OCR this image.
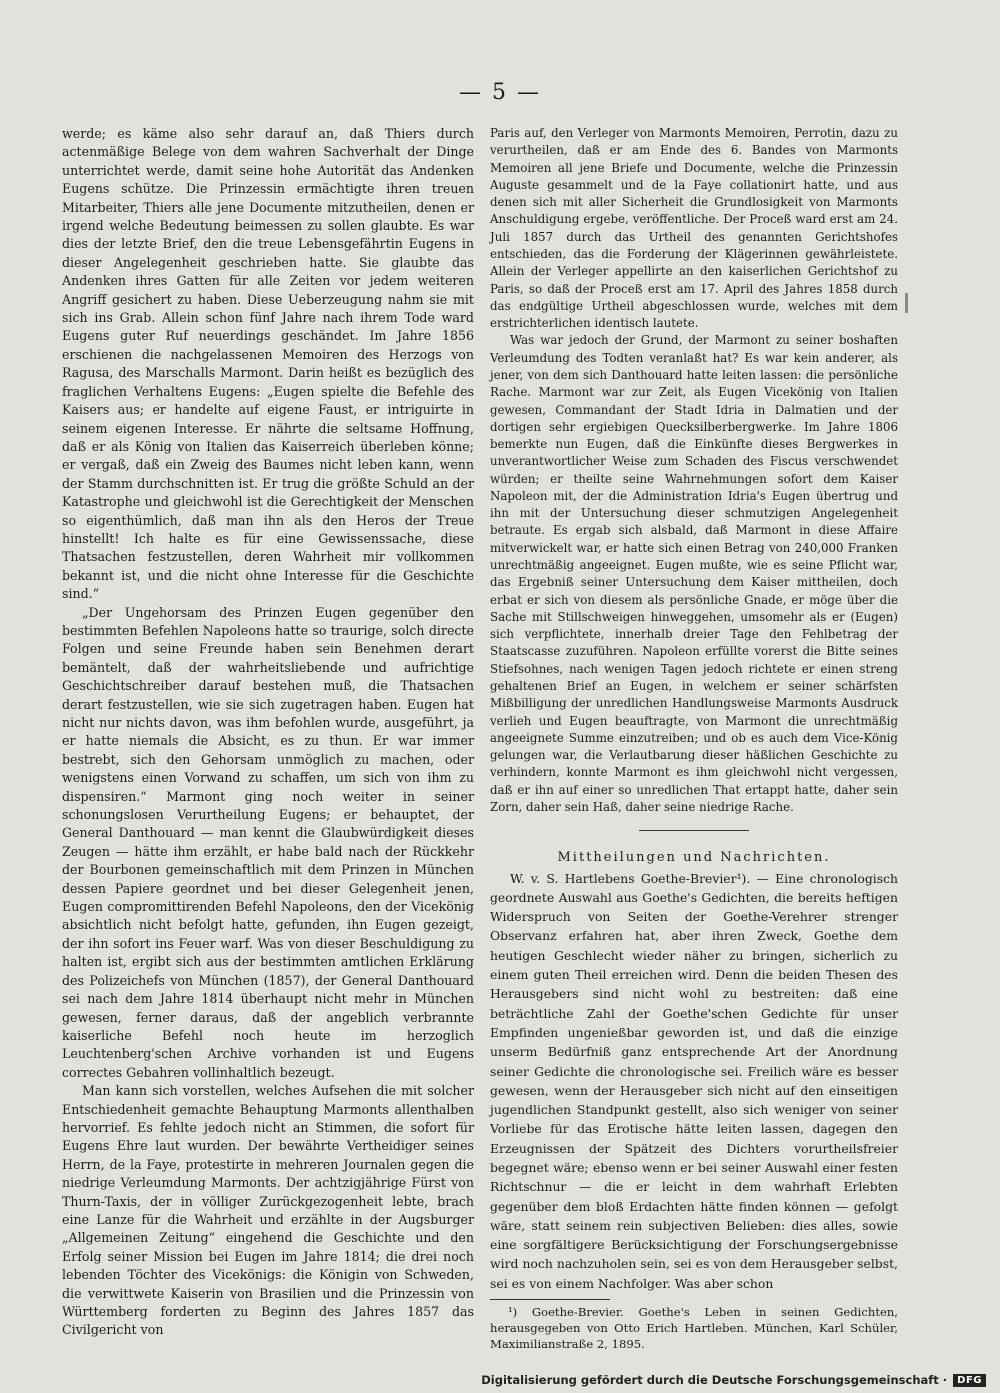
— 5 —

werde; es käme also sehr darauf an, daß Thiers durch actenmäßige Belege von dem wahren Sachverhalt der Dinge unterrichtet werde, damit seine hohe Autorität das Andenken Eugens schütze. Die Prinzessin ermächtigte ihren treuen Mitarbeiter, Thiers alle jene Documente mitzutheilen, denen er irgend welche Bedeutung beimessen zu sollen glaubte. Es war dies der letzte Brief, den die treue Lebensgefährtin Eugens in dieser Angelegenheit geschrieben hatte. Sie glaubte das Andenken ihres Gatten für alle Zeiten vor jedem weiteren Angriff gesichert zu haben. Diese Ueberzeugung nahm sie mit sich ins Grab. Allein schon fünf Jahre nach ihrem Tode ward Eugens guter Ruf neuerdings geschändet. Im Jahre 1856 erschienen die nachgelassenen Memoiren des Herzogs von Ragusa, des Marschalls Marmont. Darin heißt es bezüglich des fraglichen Verhaltens Eugens: „Eugen spielte die Befehle des Kaisers aus; er handelte auf eigene Faust, er intriguirte in seinem eigenen Interesse. Er nährte die seltsame Hoffnung, daß er als König von Italien das Kaiserreich überleben könne; er vergaß, daß ein Zweig des Baumes nicht leben kann, wenn der Stamm durchschnitten ist. Er trug die größte Schuld an der Katastrophe und gleichwohl ist die Gerechtigkeit der Menschen so eigenthümlich, daß man ihn als den Heros der Treue hinstellt! Ich halte es für eine Gewissenssache, diese Thatsachen festzustellen, deren Wahrheit mir vollkommen bekannt ist, und die nicht ohne Interesse für die Geschichte sind.“

„Der Ungehorsam des Prinzen Eugen gegenüber den bestimmten Befehlen Napoleons hatte so traurige, solch directe Folgen und seine Freunde haben sein Benehmen derart bemäntelt, daß der wahrheitsliebende und aufrichtige Geschichtschreiber darauf bestehen muß, die Thatsachen derart festzustellen, wie sie sich zugetragen haben. Eugen hat nicht nur nichts davon, was ihm befohlen wurde, ausgeführt, ja er hatte niemals die Absicht, es zu thun. Er war immer bestrebt, sich den Gehorsam unmöglich zu machen, oder wenigstens einen Vorwand zu schaffen, um sich von ihm zu dispensiren.“ Marmont ging noch weiter in seiner schonungslosen Verurtheilung Eugens; er behauptet, der General Danthouard — man kennt die Glaubwürdigkeit dieses Zeugen — hätte ihm erzählt, er habe bald nach der Rückkehr der Bourbonen gemeinschaftlich mit dem Prinzen in München dessen Papiere geordnet und bei dieser Gelegenheit jenen, Eugen compromittirenden Befehl Napoleons, den der Vicekönig absichtlich nicht befolgt hatte, gefunden, ihn Eugen gezeigt, der ihn sofort ins Feuer warf. Was von dieser Beschuldigung zu halten ist, ergibt sich aus der bestimmten amtlichen Erklärung des Polizeichefs von München (1857), der General Danthouard sei nach dem Jahre 1814 überhaupt nicht mehr in München gewesen, ferner daraus, daß der angeblich verbrannte kaiserliche Befehl noch heute im herzoglich Leuchtenberg'schen Archive vorhanden ist und Eugens correctes Gebahren vollinhaltlich bezeugt.

Man kann sich vorstellen, welches Aufsehen die mit solcher Entschiedenheit gemachte Behauptung Marmonts allenthalben hervorrief. Es fehlte jedoch nicht an Stimmen, die sofort für Eugens Ehre laut wurden. Der bewährte Vertheidiger seines Herrn, de la Faye, protestirte in mehreren Journalen gegen die niedrige Verleumdung Marmonts. Der achtzigjährige Fürst von Thurn-Taxis, der in völliger Zurückgezogenheit lebte, brach eine Lanze für die Wahrheit und erzählte in der Augsburger „Allgemeinen Zeitung“ eingehend die Geschichte und den Erfolg seiner Mission bei Eugen im Jahre 1814; die drei noch lebenden Töchter des Vicekönigs: die Königin von Schweden, die verwittwete Kaiserin von Brasilien und die Prinzessin von Württemberg forderten zu Beginn des Jahres 1857 das Civilgericht von

Paris auf, den Verleger von Marmonts Memoiren, Perrotin, dazu zu verurtheilen, daß er am Ende des 6. Bandes von Marmonts Memoiren all jene Briefe und Documente, welche die Prinzessin Auguste gesammelt und de la Faye collationirt hatte, und aus denen sich mit aller Sicherheit die Grundlosigkeit von Marmonts Anschuldigung ergebe, veröffentliche. Der Proceß ward erst am 24. Juli 1857 durch das Urtheil des genannten Gerichtshofes entschieden, das die Forderung der Klägerinnen gewährleistete. Allein der Verleger appellirte an den kaiserlichen Gerichtshof zu Paris, so daß der Proceß erst am 17. April des Jahres 1858 durch das endgültige Urtheil abgeschlossen wurde, welches mit dem erstrichterlichen identisch lautete.

Was war jedoch der Grund, der Marmont zu seiner boshaften Verleumdung des Todten veranlaßt hat? Es war kein anderer, als jener, von dem sich Danthouard hatte leiten lassen: die persönliche Rache. Marmont war zur Zeit, als Eugen Vicekönig von Italien gewesen, Commandant der Stadt Idria in Dalmatien und der dortigen sehr ergiebigen Quecksilberbergwerke. Im Jahre 1806 bemerkte nun Eugen, daß die Einkünfte dieses Bergwerkes in unverantwortlicher Weise zum Schaden des Fiscus verschwendet würden; er theilte seine Wahrnehmungen sofort dem Kaiser Napoleon mit, der die Administration Idria's Eugen übertrug und ihn mit der Untersuchung dieser schmutzigen Angelegenheit betraute. Es ergab sich alsbald, daß Marmont in diese Affaire mitverwickelt war, er hatte sich einen Betrag von 240,000 Franken unrechtmäßig angeeignet. Eugen mußte, wie es seine Pflicht war, das Ergebniß seiner Untersuchung dem Kaiser mittheilen, doch erbat er sich von diesem als persönliche Gnade, er möge über die Sache mit Stillschweigen hinweggehen, umsomehr als er (Eugen) sich verpflichtete, innerhalb dreier Tage den Fehlbetrag der Staatscasse zuzuführen. Napoleon erfüllte vorerst die Bitte seines Stiefsohnes, nach wenigen Tagen jedoch richtete er einen streng gehaltenen Brief an Eugen, in welchem er seiner schärfsten Mißbilligung der unredlichen Handlungsweise Marmonts Ausdruck verlieh und Eugen beauftragte, von Marmont die unrechtmäßig angeeignete Summe einzutreiben; und ob es auch dem Vice-König gelungen war, die Verlautbarung dieser häßlichen Geschichte zu verhindern, konnte Marmont es ihm gleichwohl nicht vergessen, daß er ihn auf einer so unredlichen That ertappt hatte, daher sein Zorn, daher sein Haß, daher seine niedrige Rache.

Mittheilungen und Nachrichten.

W. v. S. Hartlebens Goethe-Brevier¹). — Eine chronologisch geordnete Auswahl aus Goethe's Gedichten, die bereits heftigen Widerspruch von Seiten der Goethe-Verehrer strenger Observanz erfahren hat, aber ihren Zweck, Goethe dem heutigen Geschlecht wieder näher zu bringen, sicherlich zu einem guten Theil erreichen wird. Denn die beiden Thesen des Herausgebers sind nicht wohl zu bestreiten: daß eine beträchtliche Zahl der Goethe'schen Gedichte für unser Empfinden ungenießbar geworden ist, und daß die einzige unserm Bedürfniß ganz entsprechende Art der Anordnung seiner Gedichte die chronologische sei. Freilich wäre es besser gewesen, wenn der Herausgeber sich nicht auf den einseitigen jugendlichen Standpunkt gestellt, also sich weniger von seiner Vorliebe für das Erotische hätte leiten lassen, dagegen den Erzeugnissen der Spätzeit des Dichters vorurtheilsfreier begegnet wäre; ebenso wenn er bei seiner Auswahl einer festen Richtschnur — die er leicht in dem wahrhaft Erlebten gegenüber dem bloß Erdachten hätte finden können — gefolgt wäre, statt seinem rein subjectiven Belieben: dies alles, sowie eine sorgfältigere Berücksichtigung der Forschungsergebnisse wird noch nachzuholen sein, sei es von dem Herausgeber selbst, sei es von einem Nachfolger. Was aber schon

¹) Goethe-Brevier. Goethe's Leben in seinen Gedichten, herausgegeben von Otto Erich Hartleben. München, Karl Schüler, Maximilianstraße 2, 1895.

Digitalisierung gefördert durch die Deutsche Forschungsgemeinschaft ·	DFG
